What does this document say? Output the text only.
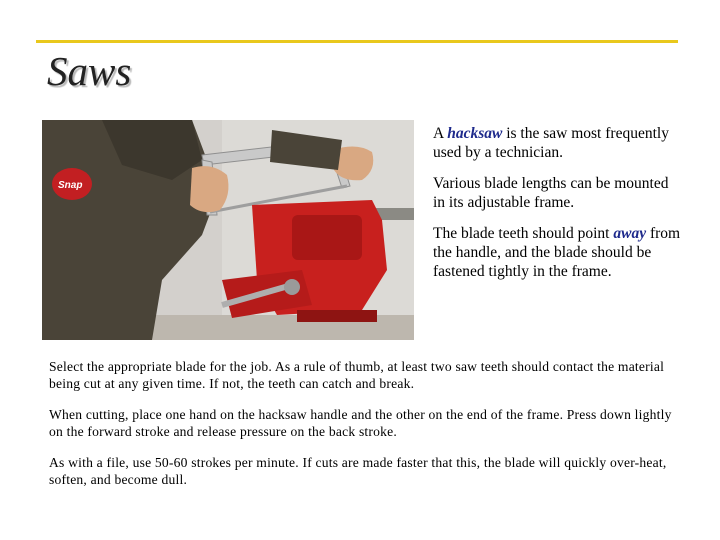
Saws
Snap

A hacksaw is the saw most frequently used by a technician.

Various blade lengths can be mounted in its adjustable frame.

The blade teeth should point away from the handle, and the blade should be fastened tightly in the frame.

Select the appropriate blade for the job. As a rule of thumb, at least two saw teeth should contact the material being cut at any given time. If not, the teeth can catch and break.

When cutting, place one hand on the hacksaw handle and the other on the end of the frame. Press down lightly on the forward stroke and release pressure on the back stroke.

As with a file, use 50-60 strokes per minute. If cuts are made faster that this, the blade will quickly over-heat, soften, and become dull.
